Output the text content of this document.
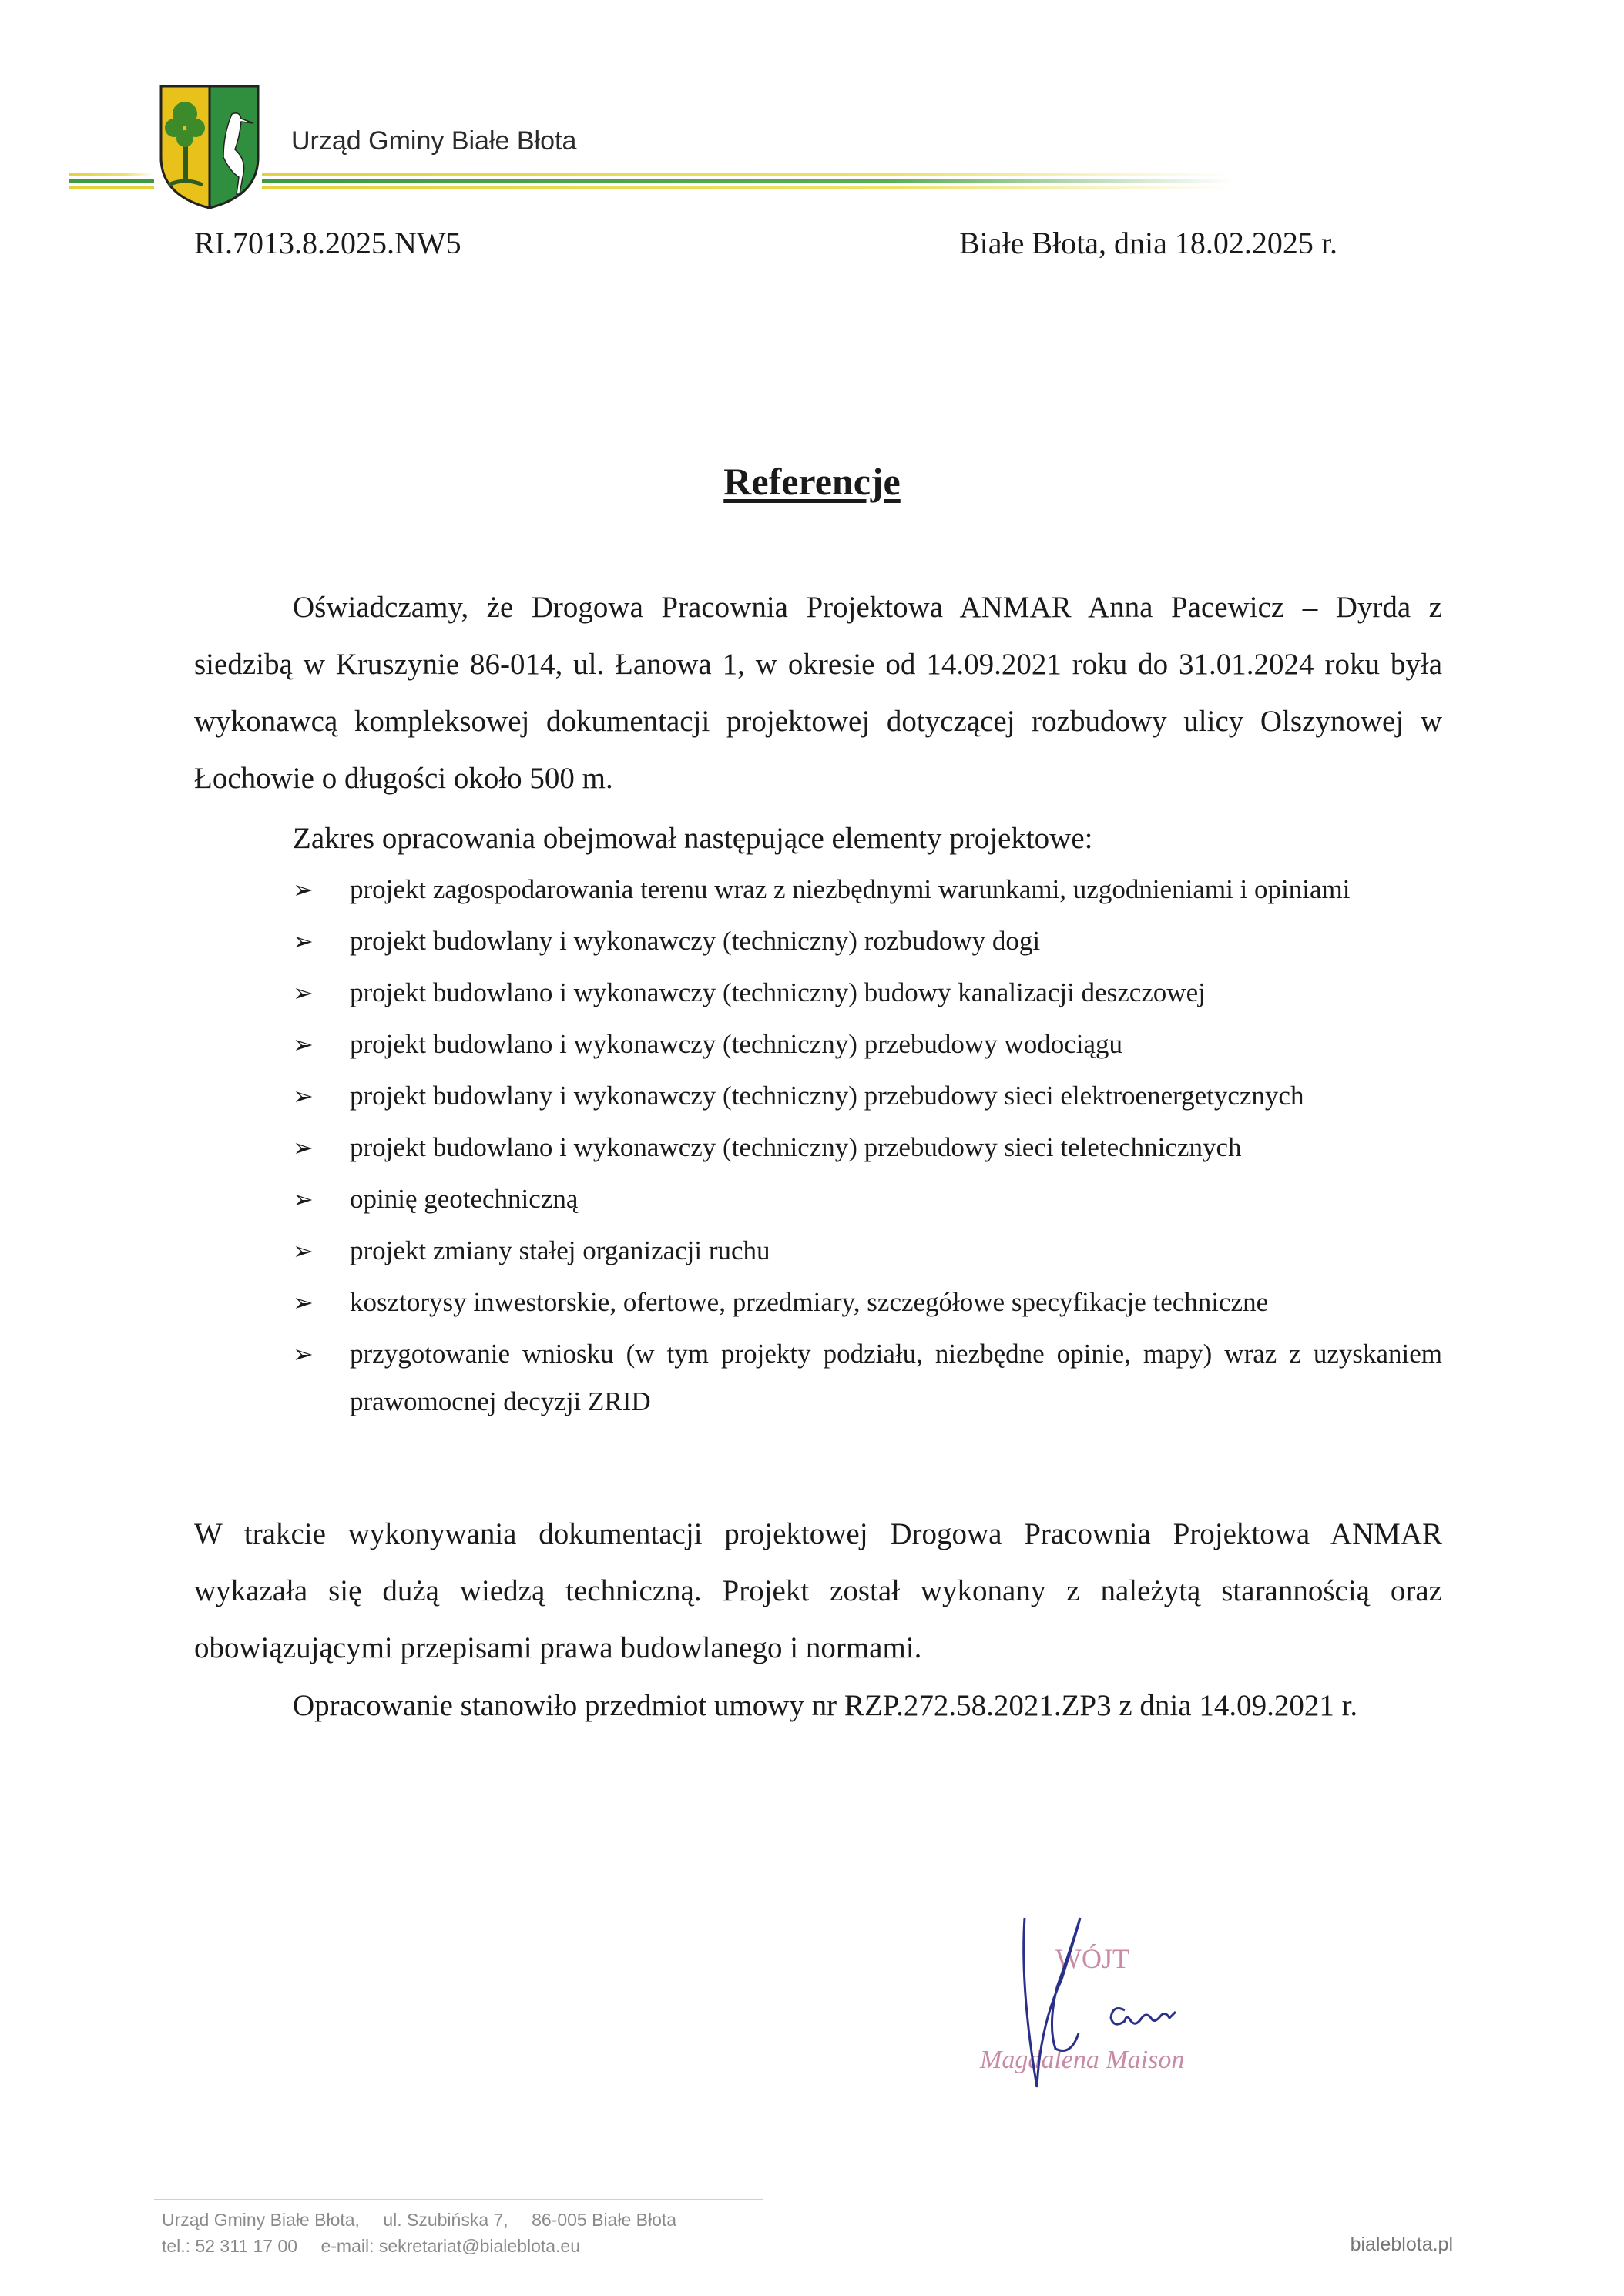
Urząd Gminy Białe Błota
RI.7013.8.2025.NW5	Białe Błota, dnia 18.02.2025 r.
Referencje

Oświadczamy, że Drogowa Pracownia Projektowa ANMAR Anna Pacewicz – Dyrda z siedzibą w Kruszynie 86-014, ul. Łanowa 1, w okresie od 14.09.2021 roku do 31.01.2024 roku była wykonawcą kompleksowej dokumentacji projektowej dotyczącej rozbudowy ulicy Olszynowej w Łochowie o długości około 500 m.

Zakres opracowania obejmował następujące elementy projektowe:
➢ projekt zagospodarowania terenu wraz z niezbędnymi warunkami, uzgodnieniami i opiniami
➢ projekt budowlany i wykonawczy (techniczny) rozbudowy dogi
➢ projekt budowlano i wykonawczy (techniczny) budowy kanalizacji deszczowej
➢ projekt budowlano i wykonawczy (techniczny) przebudowy wodociągu
➢ projekt budowlany i wykonawczy (techniczny) przebudowy sieci elektroenergetycznych
➢ projekt budowlano i wykonawczy (techniczny) przebudowy sieci teletechnicznych
➢ opinię geotechniczną
➢ projekt zmiany stałej organizacji ruchu
➢ kosztorysy inwestorskie, ofertowe, przedmiary, szczegółowe specyfikacje techniczne
➢ przygotowanie wniosku (w tym projekty podziału, niezbędne opinie, mapy) wraz z uzyskaniem prawomocnej decyzji ZRID

W trakcie wykonywania dokumentacji projektowej Drogowa Pracownia Projektowa ANMAR wykazała się dużą wiedzą techniczną. Projekt został wykonany z należytą starannością oraz obowiązującymi przepisami prawa budowlanego i normami.

Opracowanie stanowiło przedmiot umowy nr RZP.272.58.2021.ZP3 z dnia 14.09.2021 r.

WÓJT
Magdalena Maison
Urząd Gminy Białe Błota, ul. Szubińska 7, 86-005 Białe Błota
tel.: 52 311 17 00 e-mail: sekretariat@bialeblota.eu	bialeblota.pl
